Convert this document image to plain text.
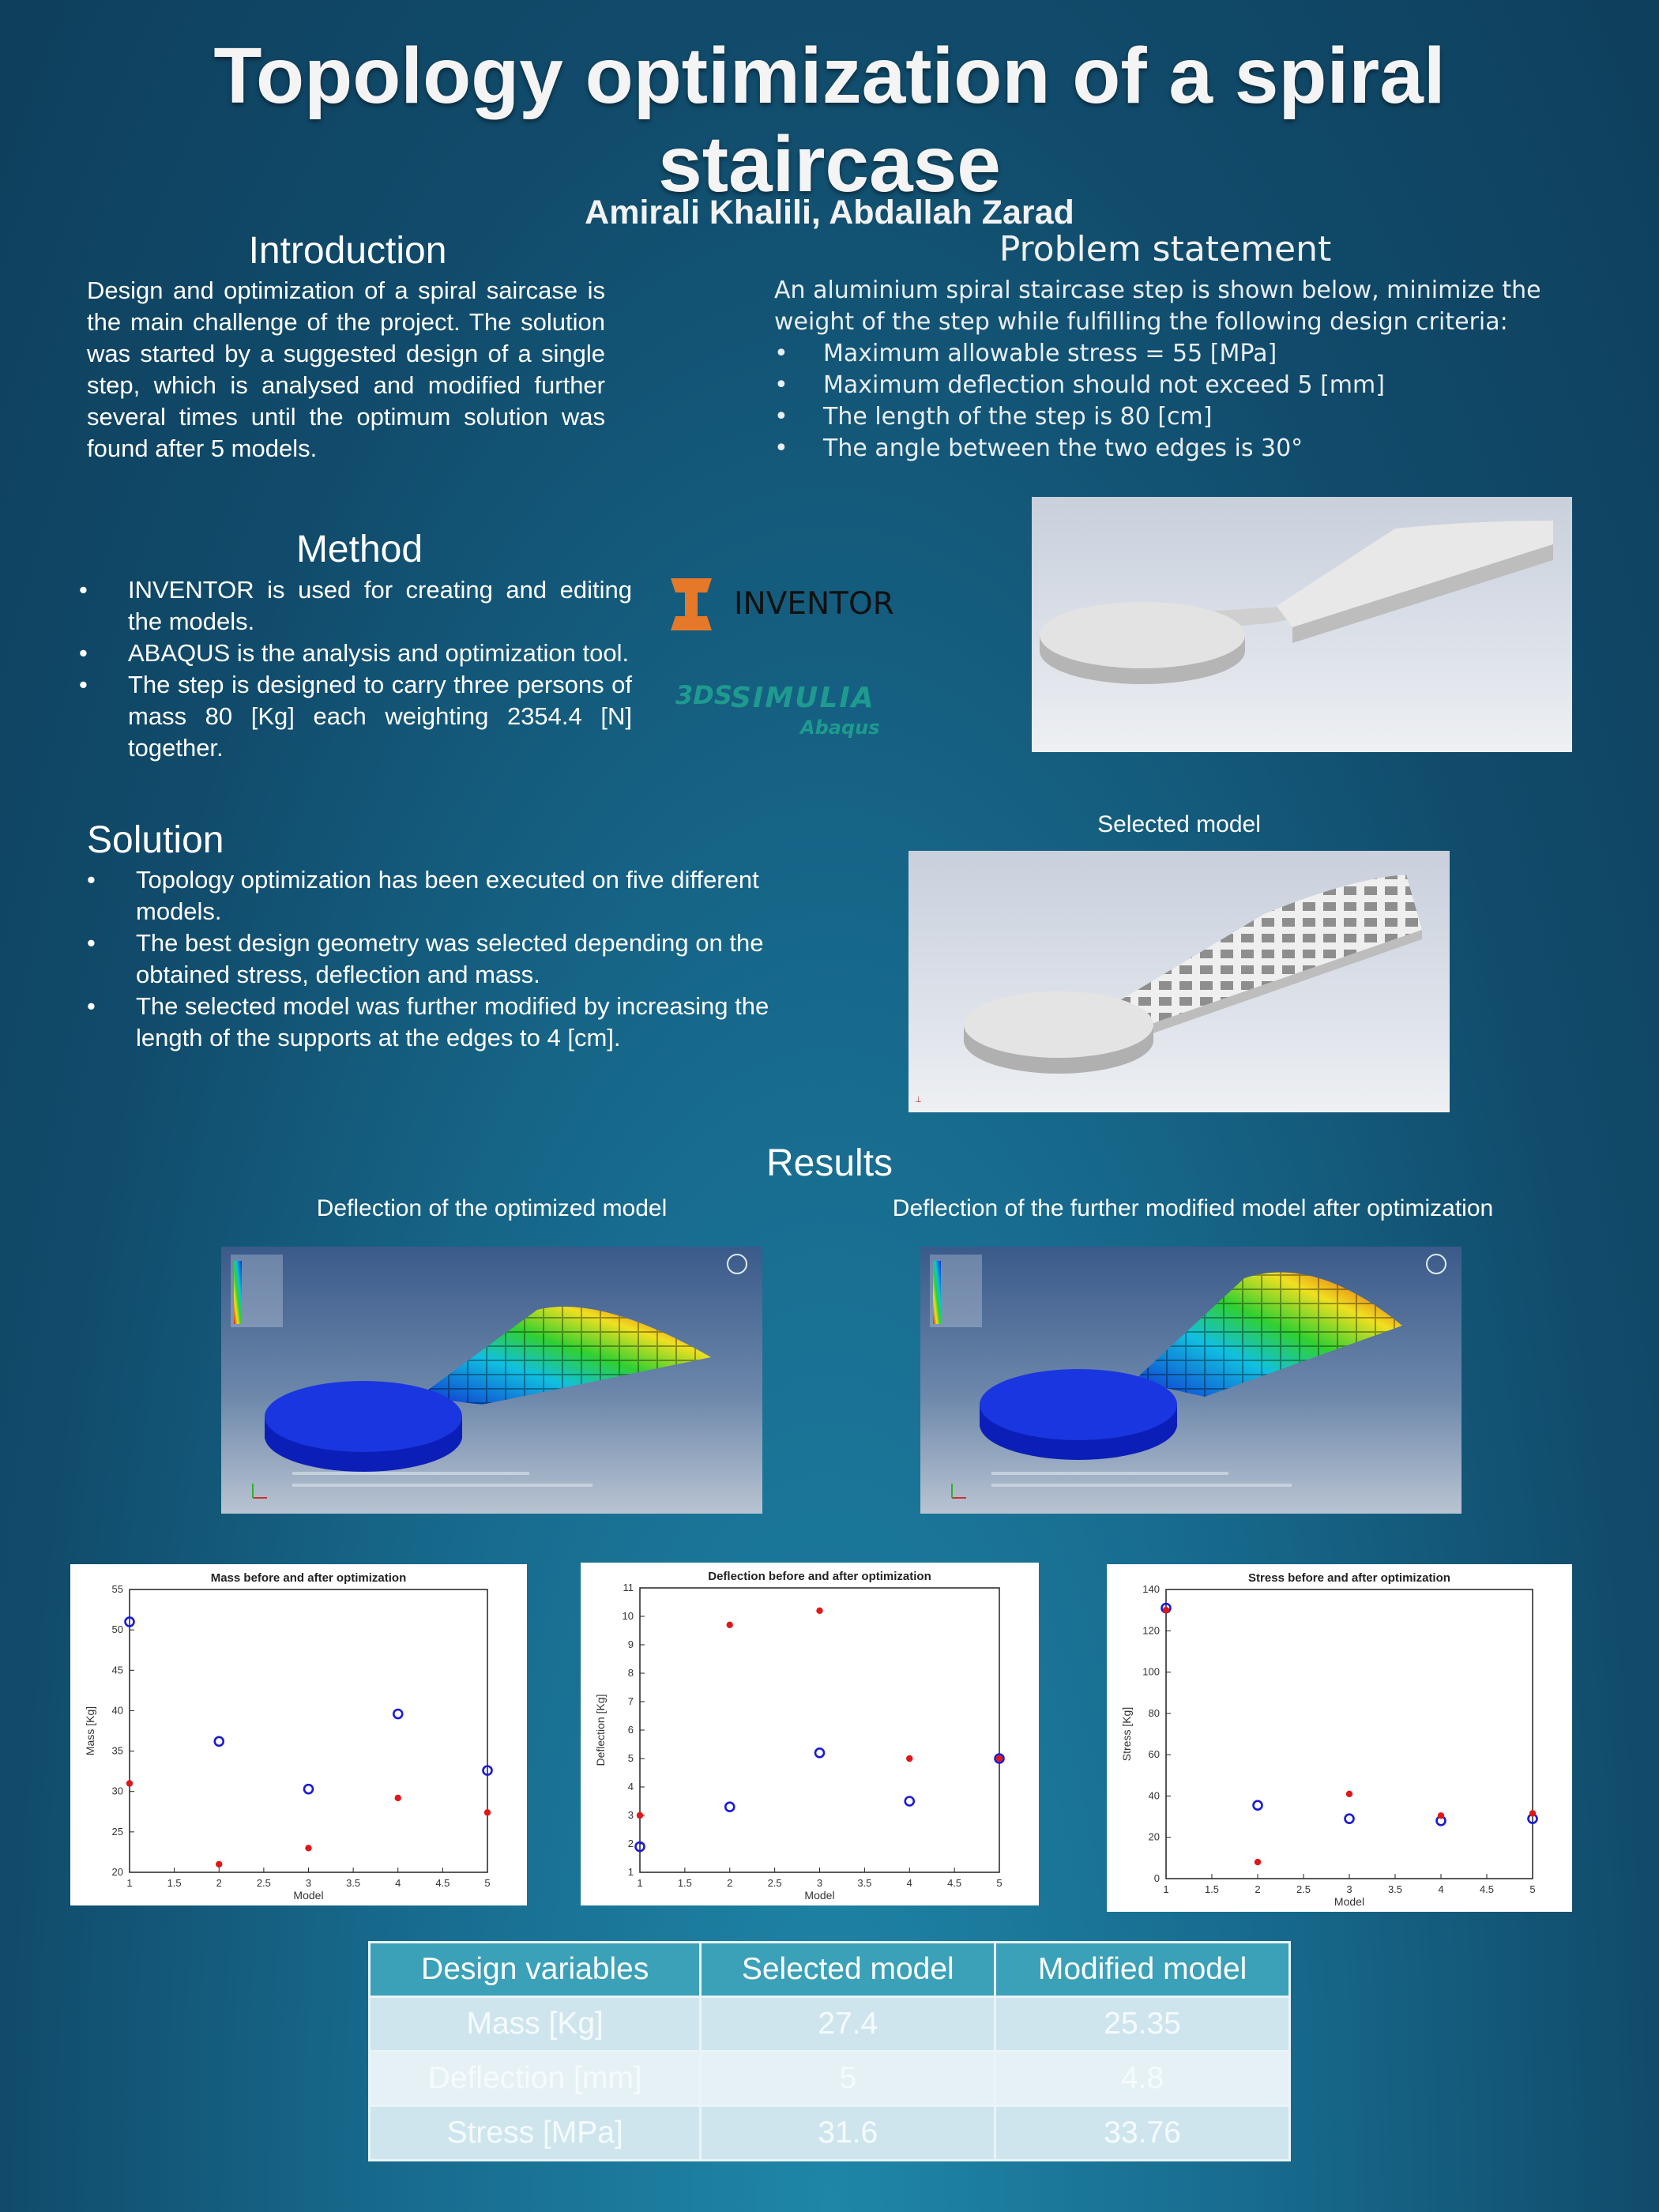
Topology optimization of a spiral staircase
Amirali Khalili, Abdallah Zarad
Introduction
Design and optimization of a spiral saircase is the main challenge of the project. The solution was started by a suggested design of a single step, which is analysed and modified further several times until the optimum solution was found after 5 models.
Problem statement
An aluminium spiral staircase step is shown below, minimize the weight of the step while fulfilling the following design criteria:
• Maximum allowable stress = 55 [MPa]
• Maximum deflection should not exceed 5 [mm]
• The length of the step is 80 [cm]
• The angle between the two edges is 30°
Method
• INVENTOR is used for creating and editing the models.
• ABAQUS is the analysis and optimization tool.
• The step is designed to carry three persons of mass 80 [Kg] each weighting 2354.4 [N] together.
INVENTOR
3DS
SIMULIA
Abaqus
Solution
• Topology optimization has been executed on five different models.
• The best design geometry was selected depending on the obtained stress, deflection and mass.
• The selected model was further modified by increasing the length of the supports at the edges to 4 [cm].
Selected model
⊥
Results
Deflection of the optimized model	Deflection of the further modified model after optimization
Mass before and after optimization
1	1.5	2	2.5	3	3.5	4	4.5	5
20
25
30
35
40
45
50
55
Model
Mass [Kg]
Deflection before and after optimization
1	1.5	2	2.5	3	3.5	4	4.5	5
1
2
3
4
5
6
7
8
9
10
11
Model
Deflection [Kg]
Stress before and after optimization
1	1.5	2	2.5	3	3.5	4	4.5	5
0
20
40
60
80
100
120
140
Model
Stress [Kg]
Design variables	Selected model	Modified model
Mass [Kg]	27.4	25.35
Deflection [mm]	5	4.8
Stress [MPa]	31.6	33.76
